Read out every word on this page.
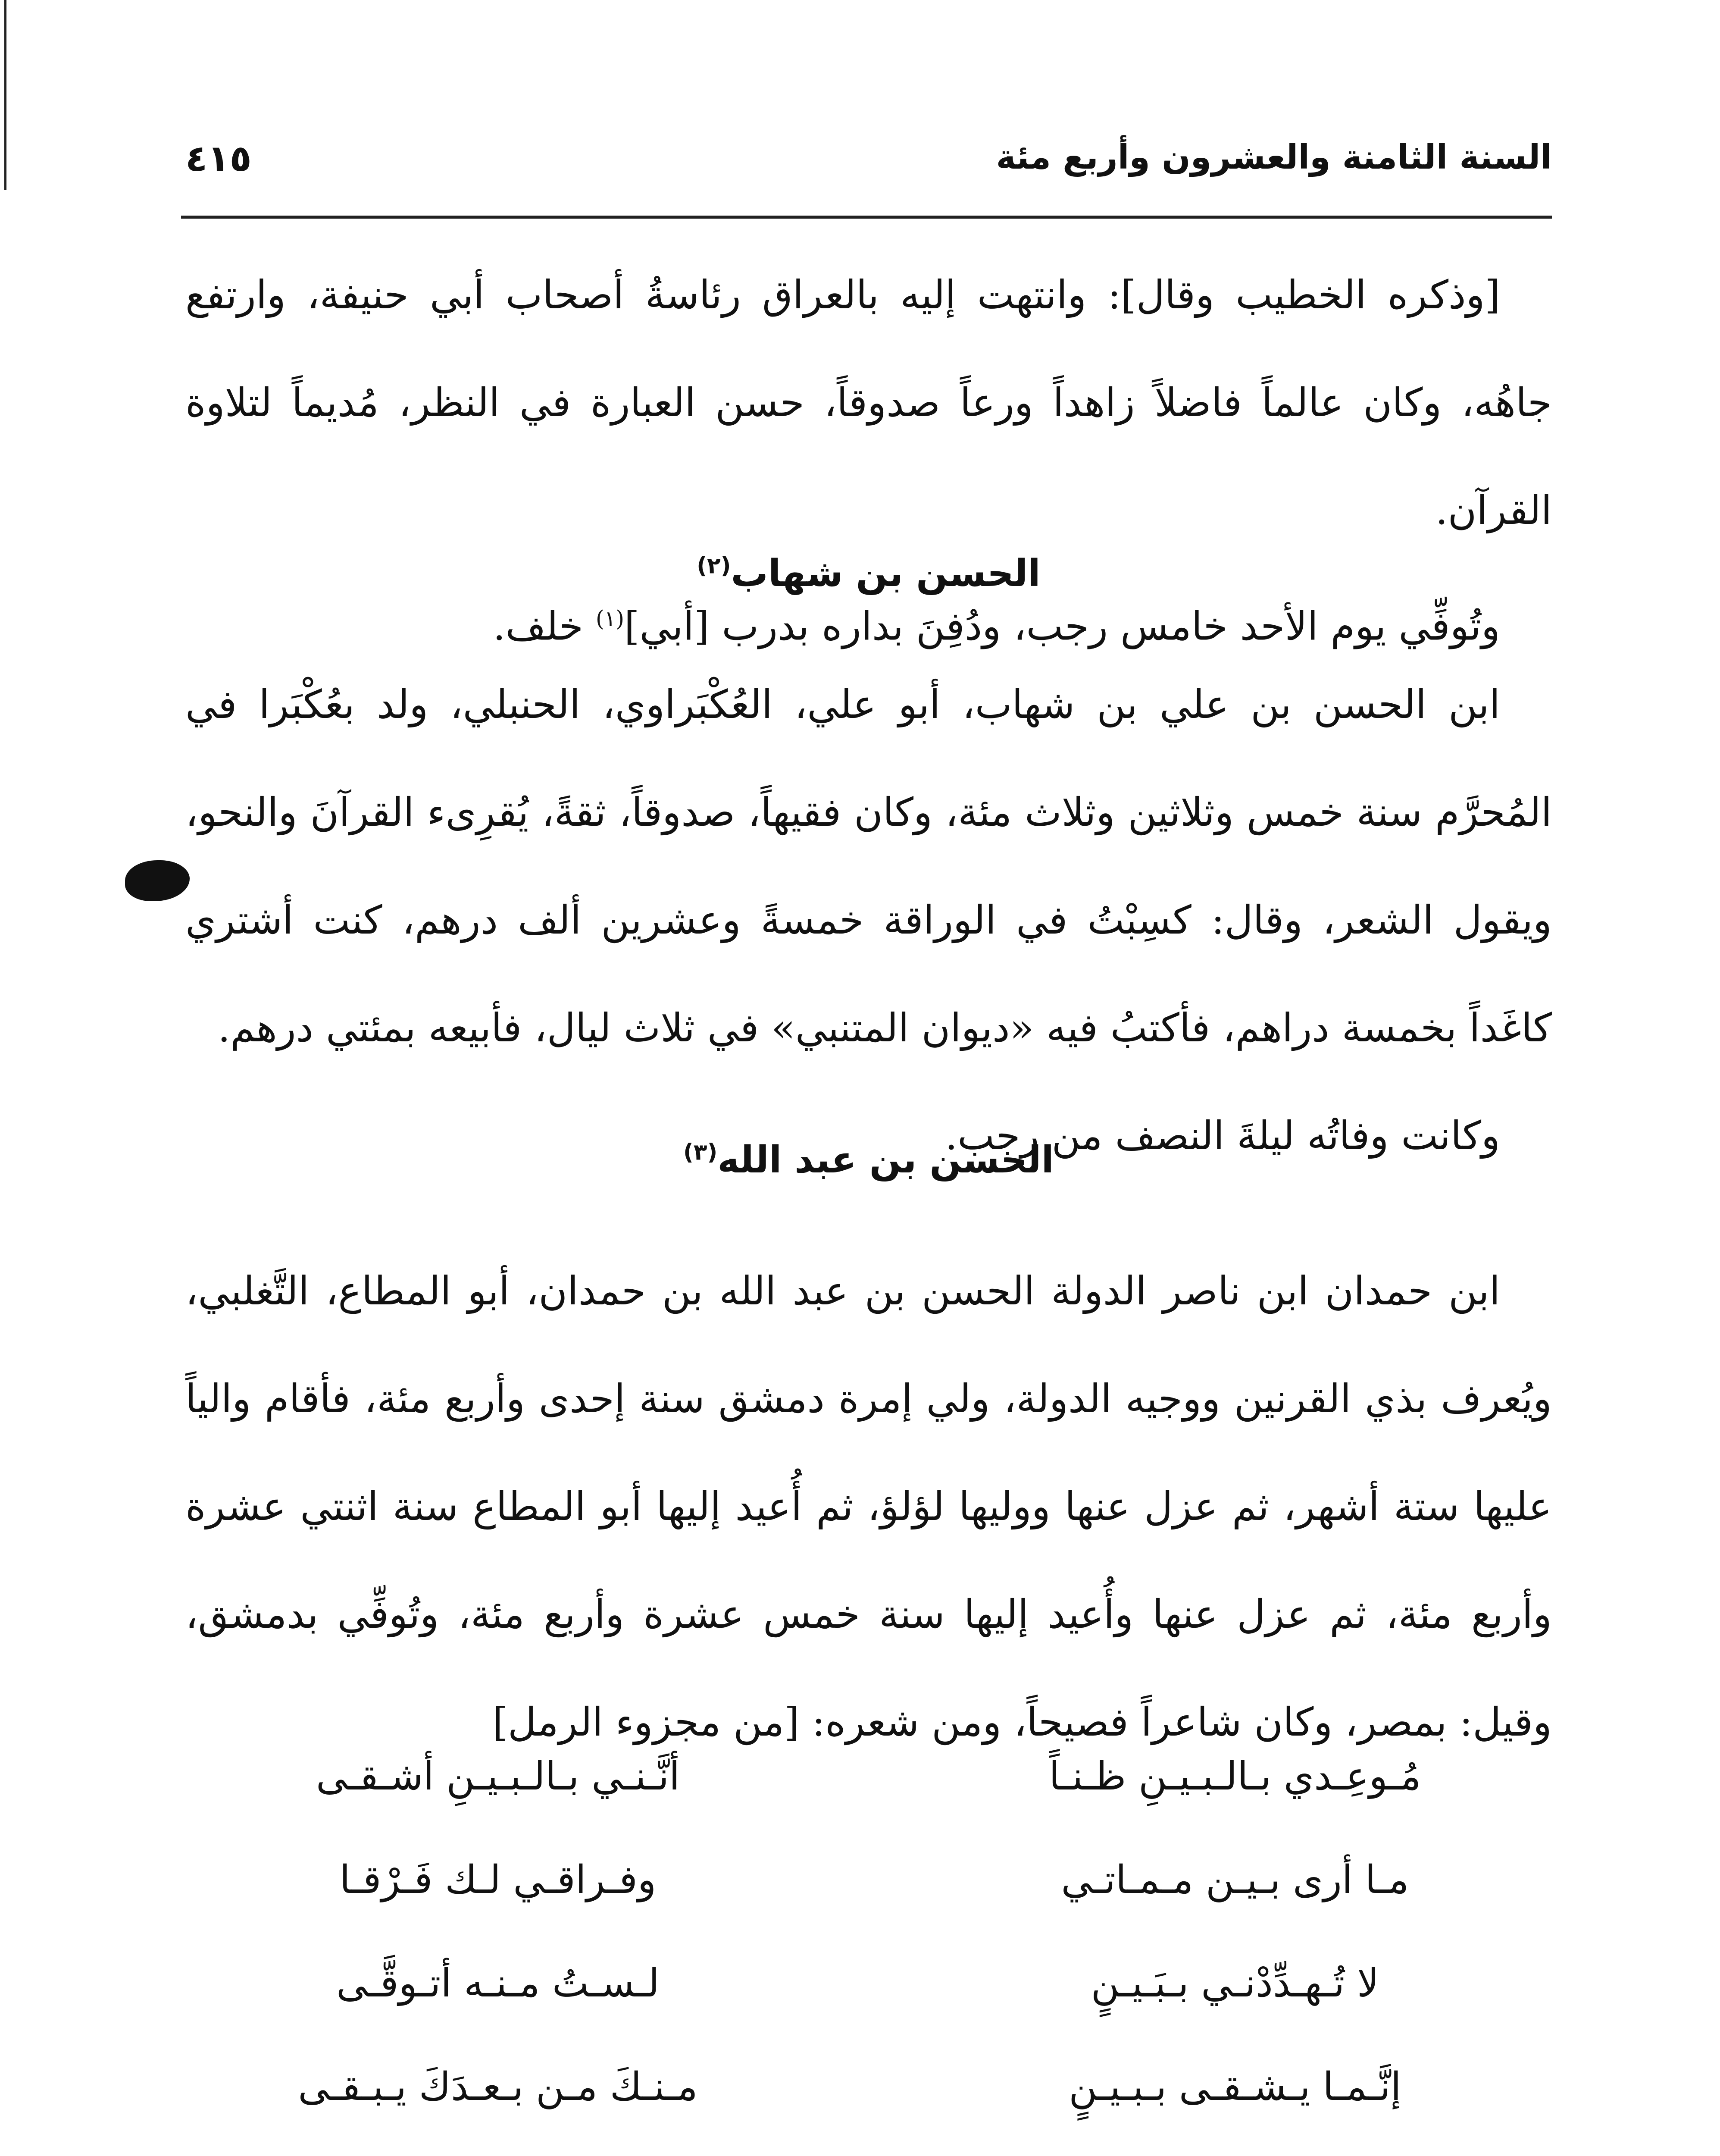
السنة الثامنة والعشرون وأربع مئة
٤١٥

[وذكره الخطيب وقال]: وانتهت إليه بالعراق رئاسةُ أصحاب أبي حنيفة، وارتفع جاهُه، وكان عالماً فاضلاً زاهداً ورعاً صدوقاً، حسن العبارة في النظر، مُديماً لتلاوة القرآن.

وتُوفِّي يوم الأحد خامس رجب، ودُفِنَ بداره بدرب [أبي]$^{(١)}$ خلف.

الحسن بن شهاب$^{(٢)}$

ابن الحسن بن علي بن شهاب، أبو علي، العُكْبَراوي، الحنبلي، ولد بعُكْبَرا في المُحرَّم سنة خمس وثلاثين وثلاث مئة، وكان فقيهاً، صدوقاً، ثقةً، يُقرِىء القرآنَ والنحو، ويقول الشعر، وقال: كسِبْتُ في الوراقة خمسةً وعشرين ألف درهم، كنت أشتري كاغَداً بخمسة دراهم، فأكتبُ فيه «ديوان المتنبي» في ثلاث ليال، فأبيعه بمئتي درهم.

وكانت وفاتُه ليلةَ النصف من رجب.

الحسن بن عبد الله$^{(٣)}$

ابن حمدان ابن ناصر الدولة الحسن بن عبد الله بن حمدان، أبو المطاع، التَّغلبي، ويُعرف بذي القرنين ووجيه الدولة، ولي إمرة دمشق سنة إحدى وأربع مئة، فأقام والياً عليها ستة أشهر، ثم عزل عنها ووليها لؤلؤ، ثم أُعيد إليها أبو المطاع سنة اثنتي عشرة وأربع مئة، ثم عزل عنها وأُعيد إليها سنة خمس عشرة وأربع مئة، وتُوفِّي بدمشق، وقيل: بمصر، وكان شاعراً فصيحاً، ومن شعره: [من مجزوء الرمل]

مُـوعِـدي بـالـبـيـنِ ظـنـاً
أنَّـنـي بـالـبـيـنِ أشـقـى
مـا أرى بـيـن مـمـاتـي
وفـراقـي لـك فَـرْقـا
لا تُـهـدِّدْنـي بـبَـيـنٍ
لـسـتُ مـنـه أتـوقَّـى
إنَّـمـا يـشـقـى بـبـيـنٍ
مـنـكَ مـن بـعـدَكَ يـبـقـى
